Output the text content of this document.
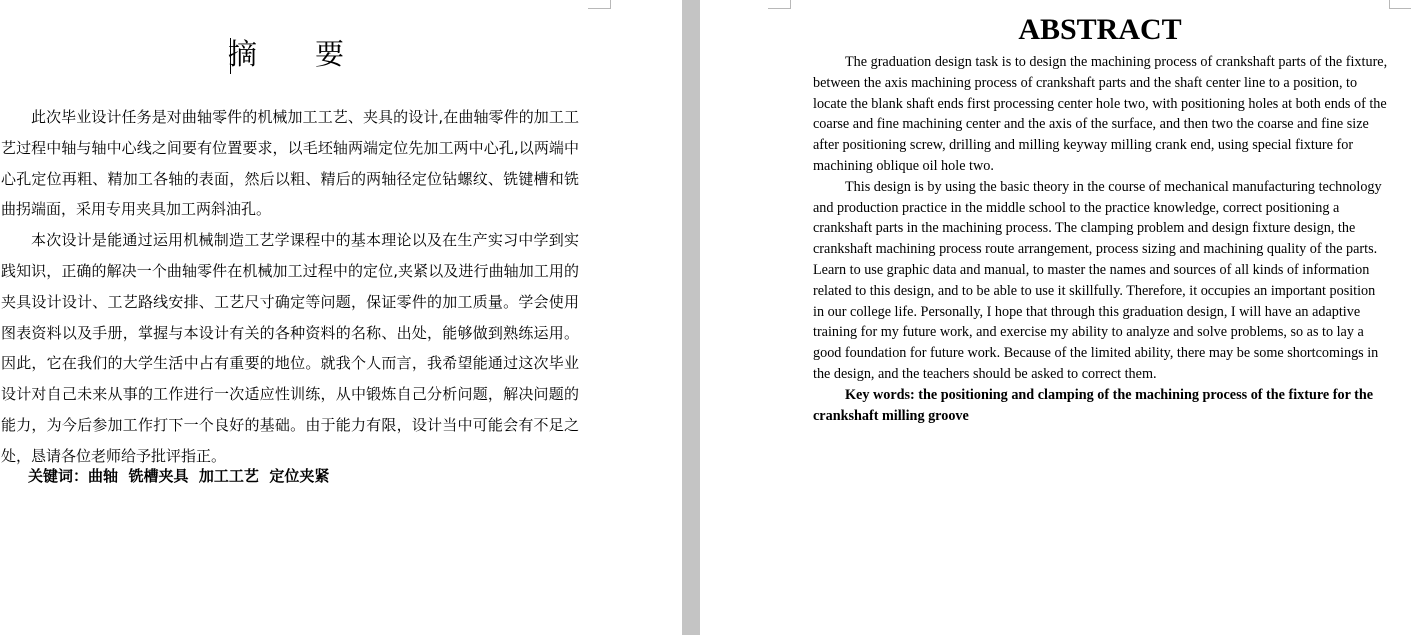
摘 要

此次毕业设计任务是对曲轴零件的机械加工工艺、夹具的设计,在曲轴零件的加工工艺过程中轴与轴中心线之间要有位置要求，以毛坯轴两端定位先加工两中心孔,以两端中心孔定位再粗、精加工各轴的表面，然后以粗、精后的两轴径定位钻螺纹、铣键槽和铣曲拐端面，采用专用夹具加工两斜油孔。

本次设计是能通过运用机械制造工艺学课程中的基本理论以及在生产实习中学到实践知识，正确的解决一个曲轴零件在机械加工过程中的定位,夹紧以及进行曲轴加工用的夹具设计设计、工艺路线安排、工艺尺寸确定等问题，保证零件的加工质量。学会使用图表资料以及手册，掌握与本设计有关的各种资料的名称、出处，能够做到熟练运用。因此，它在我们的大学生活中占有重要的地位。就我个人而言，我希望能通过这次毕业设计对自己未来从事的工作进行一次适应性训练，从中锻炼自己分析问题，解决问题的能力，为今后参加工作打下一个良好的基础。由于能力有限，设计当中可能会有不足之处，恳请各位老师给予批评指正。

关键词：曲轴  铣槽夹具  加工工艺  定位夹紧

ABSTRACT

The graduation design task is to design the machining process of crankshaft parts of the fixture, between the axis machining process of crankshaft parts and the shaft center line to a position, to locate the blank shaft ends first processing center hole two, with positioning holes at both ends of the coarse and fine machining center and the axis of the surface, and then two the coarse and fine size after positioning screw, drilling and milling keyway milling crank end, using special fixture for machining oblique oil hole two.

This design is by using the basic theory in the course of mechanical manufacturing technology and production practice in the middle school to the practice knowledge, correct positioning a crankshaft parts in the machining process. The clamping problem and design fixture design, the crankshaft machining process route arrangement, process sizing and machining quality of the parts. Learn to use graphic data and manual, to master the names and sources of all kinds of information related to this design, and to be able to use it skillfully. Therefore, it occupies an important position in our college life. Personally, I hope that through this graduation design, I will have an adaptive training for my future work, and exercise my ability to analyze and solve problems, so as to lay a good foundation for future work. Because of the limited ability, there may be some shortcomings in the design, and the teachers should be asked to correct them.

Key words: the positioning and clamping of the machining process of the fixture for the crankshaft milling groove
